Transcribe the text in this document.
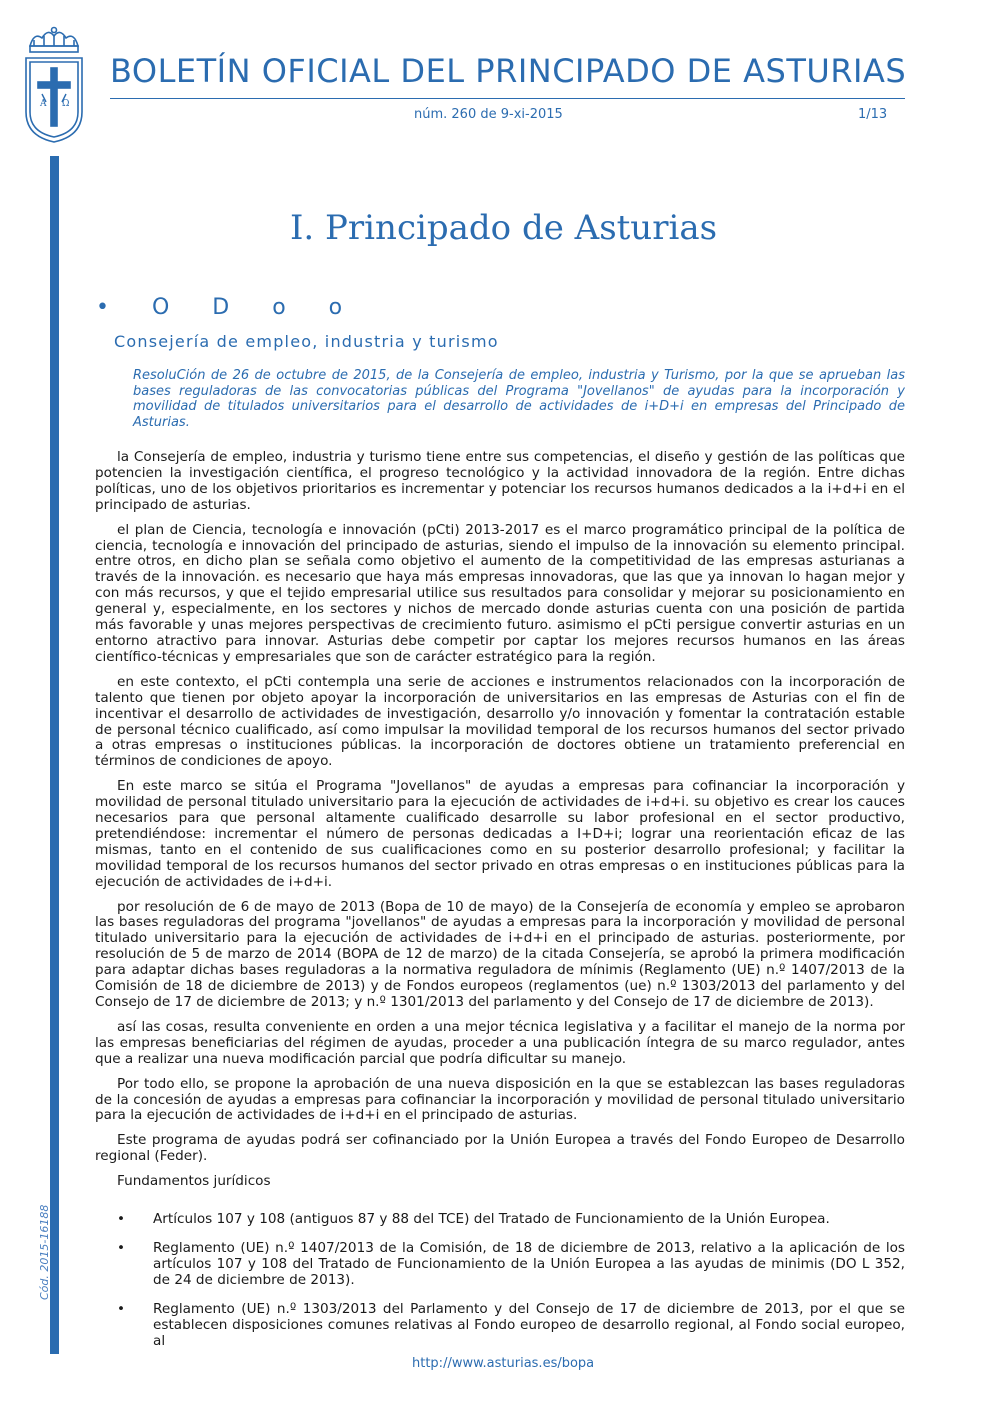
A Ω
BOLETÍN OFICIAL DEL PRINCIPADO DE ASTURIAS
núm. 260 de 9-xi-2015	1/13
Cód. 2015-16188
I. Principado de Asturias
• O D o o
Consejería de empleo, industria y turismo
ResoluCión de 26 de octubre de 2015, de la Consejería de empleo, industria y Turismo, por la que se aprueban las bases reguladoras de las convocatorias públicas del Programa "Jovellanos" de ayudas para la incorporación y movilidad de titulados universitarios para el desarrollo de actividades de i+D+i en empresas del Principado de Asturias.

la Consejería de empleo, industria y turismo tiene entre sus competencias, el diseño y gestión de las políticas que potencien la investigación científica, el progreso tecnológico y la actividad innovadora de la región. Entre dichas políticas, uno de los objetivos prioritarios es incrementar y potenciar los recursos humanos dedicados a la i+d+i en el principado de asturias.

el plan de Ciencia, tecnología e innovación (pCti) 2013-2017 es el marco programático principal de la política de ciencia, tecnología e innovación del principado de asturias, siendo el impulso de la innovación su elemento principal. entre otros, en dicho plan se señala como objetivo el aumento de la competitividad de las empresas asturianas a través de la innovación. es necesario que haya más empresas innovadoras, que las que ya innovan lo hagan mejor y con más recursos, y que el tejido empresarial utilice sus resultados para consolidar y mejorar su posicionamiento en general y, especialmente, en los sectores y nichos de mercado donde asturias cuenta con una posición de partida más favorable y unas mejores perspectivas de crecimiento futuro. asimismo el pCti persigue convertir asturias en un entorno atractivo para innovar. Asturias debe competir por captar los mejores recursos humanos en las áreas científico-técnicas y empresariales que son de carácter estratégico para la región.

en este contexto, el pCti contempla una serie de acciones e instrumentos relacionados con la incorporación de talento que tienen por objeto apoyar la incorporación de universitarios en las empresas de Asturias con el fin de incentivar el desarrollo de actividades de investigación, desarrollo y/o innovación y fomentar la contratación estable de personal técnico cualificado, así como impulsar la movilidad temporal de los recursos humanos del sector privado a otras empresas o instituciones públicas. la incorporación de doctores obtiene un tratamiento preferencial en términos de condiciones de apoyo.

En este marco se sitúa el Programa "Jovellanos" de ayudas a empresas para cofinanciar la incorporación y movilidad de personal titulado universitario para la ejecución de actividades de i+d+i. su objetivo es crear los cauces necesarios para que personal altamente cualificado desarrolle su labor profesional en el sector productivo, pretendiéndose: incrementar el número de personas dedicadas a I+D+i; lograr una reorientación eficaz de las mismas, tanto en el contenido de sus cualificaciones como en su posterior desarrollo profesional; y facilitar la movilidad temporal de los recursos humanos del sector privado en otras empresas o en instituciones públicas para la ejecución de actividades de i+d+i.

por resolución de 6 de mayo de 2013 (Bopa de 10 de mayo) de la Consejería de economía y empleo se aprobaron las bases reguladoras del programa "jovellanos" de ayudas a empresas para la incorporación y movilidad de personal titulado universitario para la ejecución de actividades de i+d+i en el principado de asturias. posteriormente, por resolución de 5 de marzo de 2014 (BOPA de 12 de marzo) de la citada Consejería, se aprobó la primera modificación para adaptar dichas bases reguladoras a la normativa reguladora de mínimis (Reglamento (UE) n.º 1407/2013 de la Comisión de 18 de diciembre de 2013) y de Fondos europeos (reglamentos (ue) n.º 1303/2013 del parlamento y del Consejo de 17 de diciembre de 2013; y n.º 1301/2013 del parlamento y del Consejo de 17 de diciembre de 2013).

así las cosas, resulta conveniente en orden a una mejor técnica legislativa y a facilitar el manejo de la norma por las empresas beneficiarias del régimen de ayudas, proceder a una publicación íntegra de su marco regulador, antes que a realizar una nueva modificación parcial que podría dificultar su manejo.

Por todo ello, se propone la aprobación de una nueva disposición en la que se establezcan las bases reguladoras de la concesión de ayudas a empresas para cofinanciar la incorporación y movilidad de personal titulado universitario para la ejecución de actividades de i+d+i en el principado de asturias.

Este programa de ayudas podrá ser cofinanciado por la Unión Europea a través del Fondo Europeo de Desarrollo regional (Feder).

Fundamentos jurídicos

• Artículos 107 y 108 (antiguos 87 y 88 del TCE) del Tratado de Funcionamiento de la Unión Europea.
• Reglamento (UE) n.º 1407/2013 de la Comisión, de 18 de diciembre de 2013, relativo a la aplicación de los artículos 107 y 108 del Tratado de Funcionamiento de la Unión Europea a las ayudas de minimis (DO L 352, de 24 de diciembre de 2013).
• Reglamento (UE) n.º 1303/2013 del Parlamento y del Consejo de 17 de diciembre de 2013, por el que se establecen disposiciones comunes relativas al Fondo europeo de desarrollo regional, al Fondo social europeo, al
http://www.asturias.es/bopa
